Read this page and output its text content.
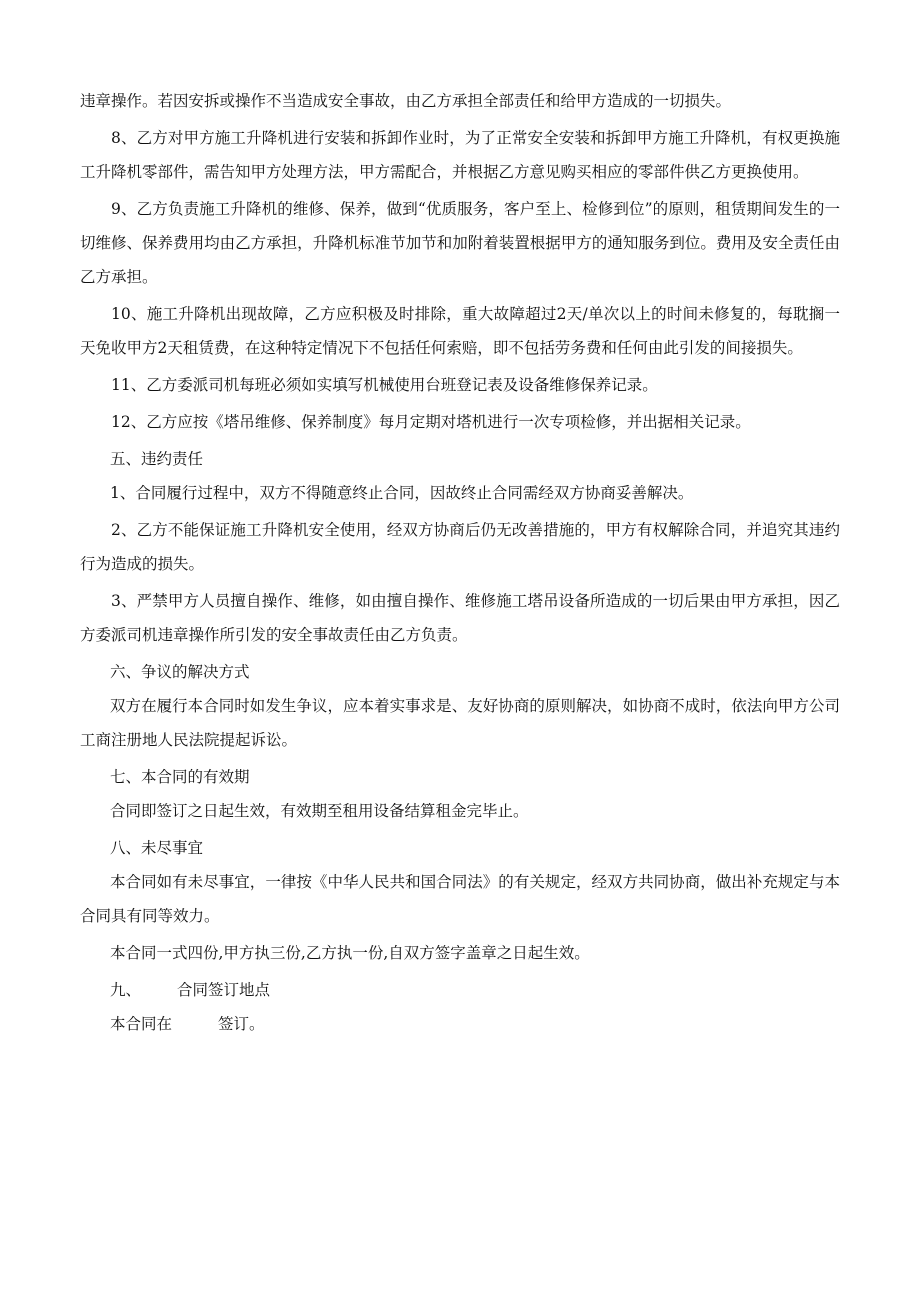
违章操作。若因安拆或操作不当造成安全事故，由乙方承担全部责任和给甲方造成的一切损失。

8、乙方对甲方施工升降机进行安装和拆卸作业时，为了正常安全安装和拆卸甲方施工升降机，有权更换施工升降机零部件，需告知甲方处理方法，甲方需配合，并根据乙方意见购买相应的零部件供乙方更换使用。

9、乙方负责施工升降机的维修、保养，做到“优质服务，客户至上、检修到位”的原则，租赁期间发生的一切维修、保养费用均由乙方承担，升降机标准节加节和加附着装置根据甲方的通知服务到位。费用及安全责任由乙方承担。

10、施工升降机出现故障，乙方应积极及时排除，重大故障超过2天/单次以上的时间未修复的，每耽搁一天免收甲方2天租赁费，在这种特定情况下不包括任何索赔，即不包括劳务费和任何由此引发的间接损失。

11、乙方委派司机每班必须如实填写机械使用台班登记表及设备维修保养记录。

12、乙方应按《塔吊维修、保养制度》每月定期对塔机进行一次专项检修，并出据相关记录。

五、违约责任

1、合同履行过程中，双方不得随意终止合同，因故终止合同需经双方协商妥善解决。

2、乙方不能保证施工升降机安全使用，经双方协商后仍无改善措施的，甲方有权解除合同，并追究其违约行为造成的损失。

3、严禁甲方人员擅自操作、维修，如由擅自操作、维修施工塔吊设备所造成的一切后果由甲方承担，因乙方委派司机违章操作所引发的安全事故责任由乙方负责。

六、争议的解决方式

双方在履行本合同时如发生争议，应本着实事求是、友好协商的原则解决，如协商不成时，依法向甲方公司工商注册地人民法院提起诉讼。

七、本合同的有效期

合同即签订之日起生效，有效期至租用设备结算租金完毕止。

八、未尽事宜

本合同如有未尽事宜，一律按《中华人民共和国合同法》的有关规定，经双方共同协商，做出补充规定与本合同具有同等效力。

本合同一式四份,甲方执三份,乙方执一份,自双方签字盖章之日起生效。

九、 合同签订地点

本合同在	签订。
